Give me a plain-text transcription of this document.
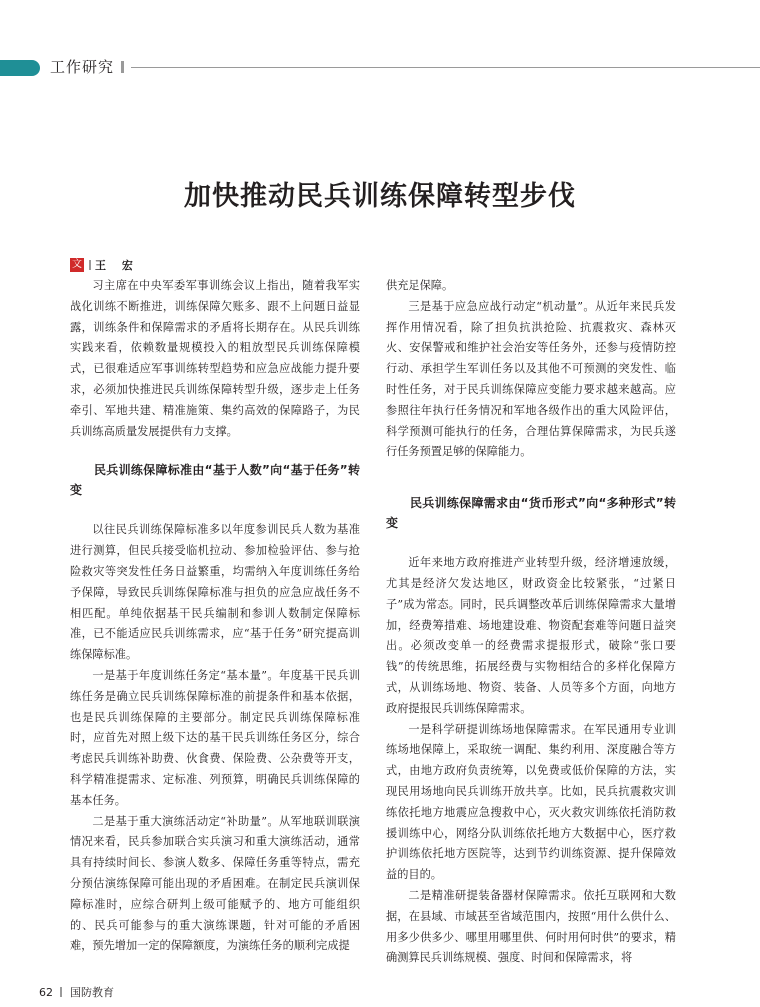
工作研究
加快推动民兵训练保障转型步伐
文 王 宏

习主席在中央军委军事训练会议上指出，随着我军实战化训练不断推进，训练保障欠账多、跟不上问题日益显露，训练条件和保障需求的矛盾将长期存在。从民兵训练实践来看，依赖数量规模投入的粗放型民兵训练保障模式，已很难适应军事训练转型趋势和应急应战能力提升要求，必须加快推进民兵训练保障转型升级，逐步走上任务牵引、军地共建、精准施策、集约高效的保障路子，为民兵训练高质量发展提供有力支撑。

民兵训练保障标准由“基于人数”向“基于任务”转变

以往民兵训练保障标准多以年度参训民兵人数为基准进行测算，但民兵接受临机拉动、参加检验评估、参与抢险救灾等突发性任务日益繁重，均需纳入年度训练任务给予保障，导致民兵训练保障标准与担负的应急应战任务不相匹配。单纯依据基干民兵编制和参训人数制定保障标准，已不能适应民兵训练需求，应“基于任务”研究提高训练保障标准。

一是基于年度训练任务定“基本量”。年度基干民兵训练任务是确立民兵训练保障标准的前提条件和基本依据，也是民兵训练保障的主要部分。制定民兵训练保障标准时，应首先对照上级下达的基干民兵训练任务区分，综合考虑民兵训练补助费、伙食费、保险费、公杂费等开支，科学精准提需求、定标准、列预算，明确民兵训练保障的基本任务。

二是基于重大演练活动定“补助量”。从军地联训联演情况来看，民兵参加联合实兵演习和重大演练活动，通常具有持续时间长、参演人数多、保障任务重等特点，需充分预估演练保障可能出现的矛盾困难。在制定民兵演训保障标准时，应综合研判上级可能赋予的、地方可能组织的、民兵可能参与的重大演练课题，针对可能的矛盾困难，预先增加一定的保障额度，为演练任务的顺利完成提

供充足保障。

三是基于应急应战行动定“机动量”。从近年来民兵发挥作用情况看，除了担负抗洪抢险、抗震救灾、森林灭火、安保警戒和维护社会治安等任务外，还参与疫情防控行动、承担学生军训任务以及其他不可预测的突发性、临时性任务，对于民兵训练保障应变能力要求越来越高。应参照往年执行任务情况和军地各级作出的重大风险评估，科学预测可能执行的任务，合理估算保障需求，为民兵遂行任务预置足够的保障能力。

民兵训练保障需求由“货币形式”向“多种形式”转变

近年来地方政府推进产业转型升级，经济增速放缓，尤其是经济欠发达地区，财政资金比较紧张，“过紧日子”成为常态。同时，民兵调整改革后训练保障需求大量增加，经费筹措难、场地建设难、物资配套难等问题日益突出。必须改变单一的经费需求提报形式，破除“张口要钱”的传统思维，拓展经费与实物相结合的多样化保障方式，从训练场地、物资、装备、人员等多个方面，向地方政府提报民兵训练保障需求。

一是科学研提训练场地保障需求。在军民通用专业训练场地保障上，采取统一调配、集约利用、深度融合等方式，由地方政府负责统筹，以免费或低价保障的方法，实现民用场地向民兵训练开放共享。比如，民兵抗震救灾训练依托地方地震应急搜救中心，灭火救灾训练依托消防救援训练中心，网络分队训练依托地方大数据中心，医疗救护训练依托地方医院等，达到节约训练资源、提升保障效益的目的。

二是精准研提装备器材保障需求。依托互联网和大数据，在县域、市域甚至省域范围内，按照“用什么供什么、用多少供多少、哪里用哪里供、何时用何时供”的要求，精确测算民兵训练规模、强度、时间和保障需求，将

62 国防教育
